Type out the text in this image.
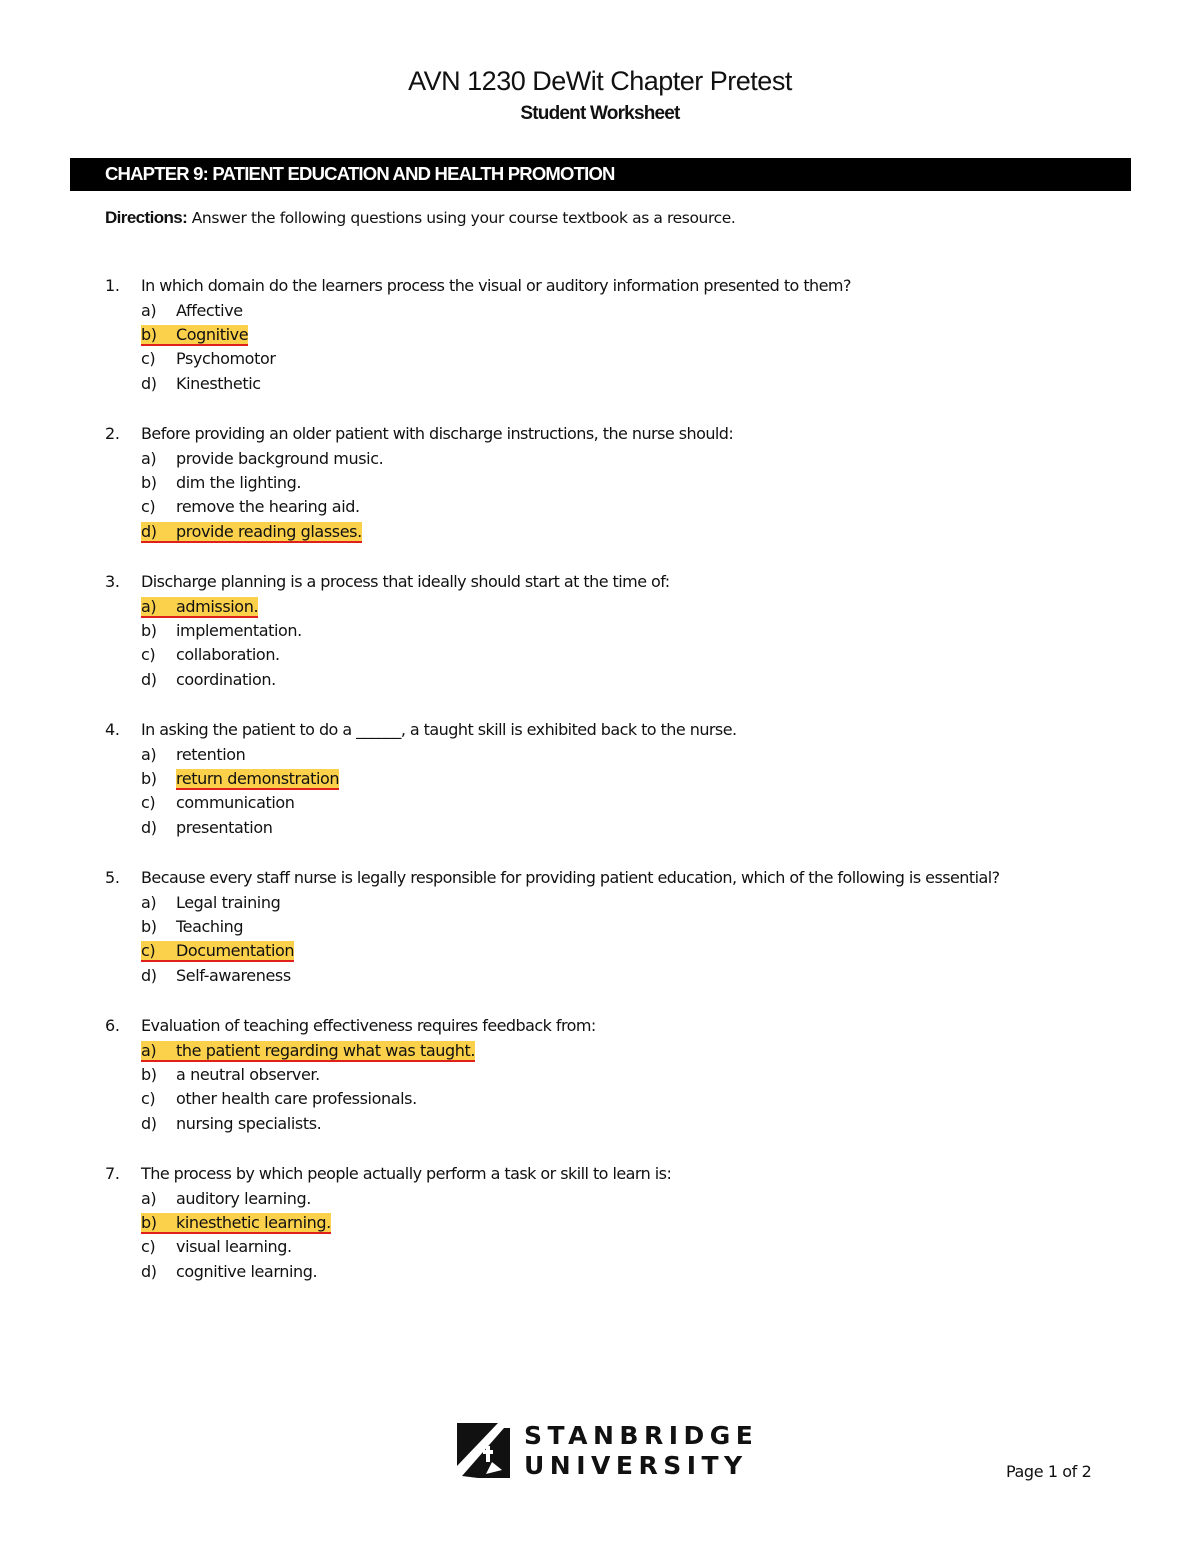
AVN 1230 DeWit Chapter Pretest
Student Worksheet
CHAPTER 9: PATIENT EDUCATION AND HEALTH PROMOTION
Directions: Answer the following questions using your course textbook as a resource.
1. In which domain do the learners process the visual or auditory information presented to them?
a) Affective
b) Cognitive
c) Psychomotor
d) Kinesthetic
2. Before providing an older patient with discharge instructions, the nurse should:
a) provide background music.
b) dim the lighting.
c) remove the hearing aid.
d) provide reading glasses.
3. Discharge planning is a process that ideally should start at the time of:
a) admission.
b) implementation.
c) collaboration.
d) coordination.
4. In asking the patient to do a ______, a taught skill is exhibited back to the nurse.
a) retention
b) return demonstration
c) communication
d) presentation
5. Because every staff nurse is legally responsible for providing patient education, which of the following is essential?
a) Legal training
b) Teaching
c) Documentation
d) Self-awareness
6. Evaluation of teaching effectiveness requires feedback from:
a) the patient regarding what was taught.
b) a neutral observer.
c) other health care professionals.
d) nursing specialists.
7. The process by which people actually perform a task or skill to learn is:
a) auditory learning.
b) kinesthetic learning.
c) visual learning.
d) cognitive learning.
STANBRIDGE
UNIVERSITY	Page 1 of 2
